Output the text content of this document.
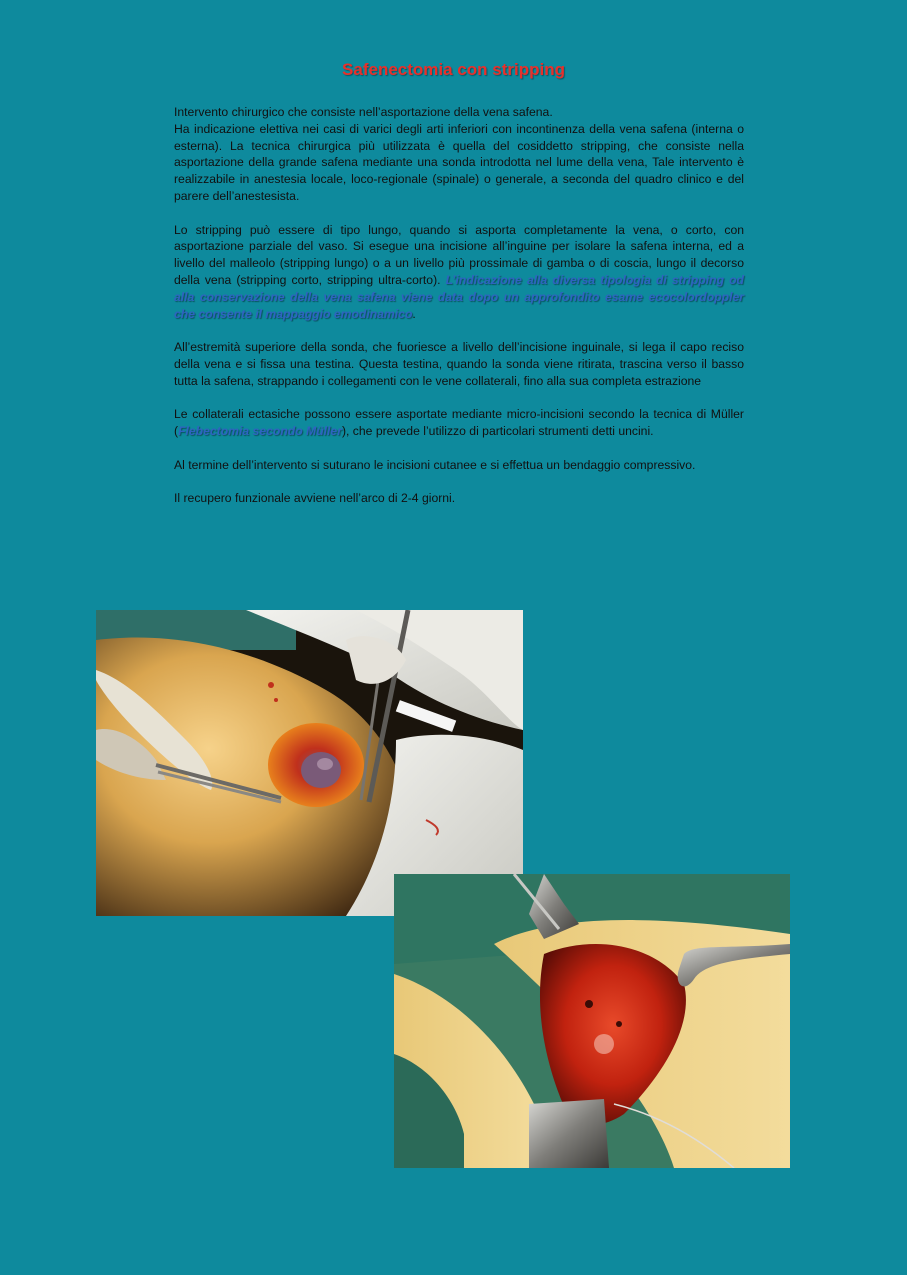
Safenectomia con stripping

Intervento chirurgico che consiste nell’asportazione della vena safena.
Ha indicazione elettiva nei casi di varici degli arti inferiori con incontinenza della vena safena (interna o esterna). La tecnica chirurgica più utilizzata è quella del cosiddetto stripping, che consiste nella asportazione della grande safena mediante una sonda introdotta nel lume della vena, Tale intervento è realizzabile in anestesia locale, loco-regionale (spinale) o generale, a seconda del quadro clinico e del parere dell’anestesista.

Lo stripping può essere di tipo lungo, quando si asporta completamente la vena, o corto, con asportazione parziale del vaso. Si esegue una incisione all’inguine per isolare la safena interna, ed a livello del malleolo (stripping lungo) o a un livello più prossimale di gamba o di coscia, lungo il decorso della vena (stripping corto, stripping ultra-corto). L’indicazione alla diversa tipologia di stripping od alla conservazione della vena safena viene data dopo un approfondito esame ecocolordoppler che consente il mappaggio emodinamico.

All’estremità superiore della sonda, che fuoriesce a livello dell’incisione inguinale, si lega il capo reciso della vena e si fissa una testina. Questa testina, quando la sonda viene ritirata, trascina verso il basso tutta la safena, strappando i collegamenti con le vene collaterali, fino alla sua completa estrazione

Le collaterali ectasiche possono essere asportate mediante micro-incisioni secondo la tecnica di Müller (Flebectomia secondo Müller), che prevede l’utilizzo di particolari strumenti detti uncini.

Al termine dell’intervento si suturano le incisioni cutanee e si effettua un bendaggio compressivo.

Il recupero funzionale avviene nell’arco di 2-4 giorni.
